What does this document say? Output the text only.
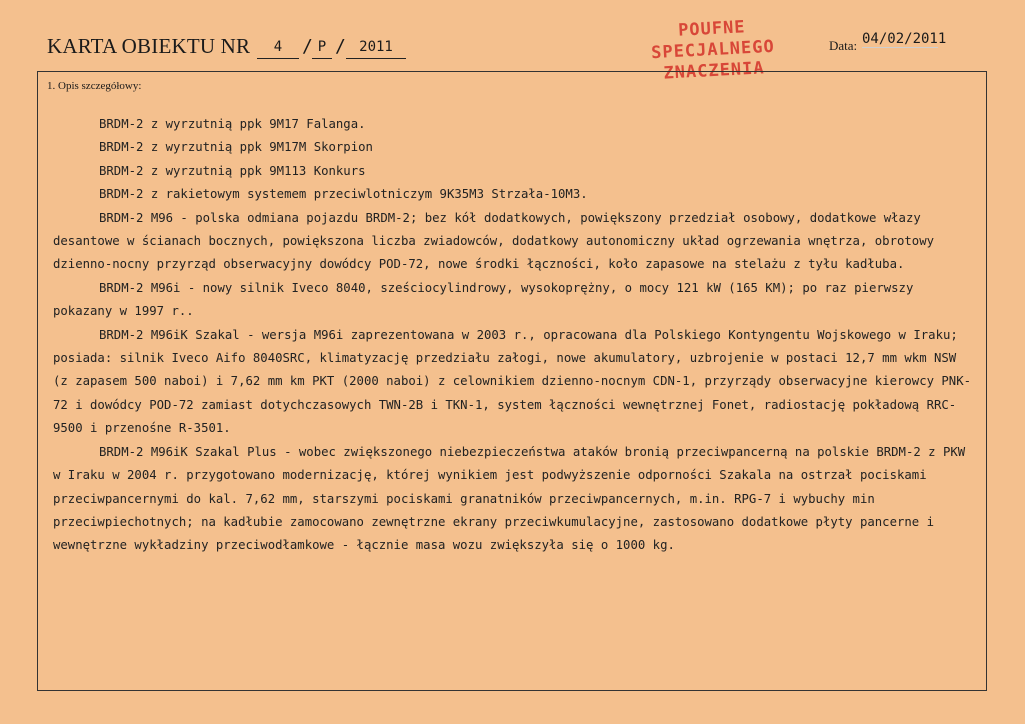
KARTA OBIEKTU NR	4	/ P / 2011
POUFNE
SPECJALNEGO
ZNACZENIA
Data: 04/02/2011
1. Opis szczegółowy:

BRDM-2 z wyrzutnią ppk 9M17 Falanga.

BRDM-2 z wyrzutnią ppk 9M17M Skorpion

BRDM-2 z wyrzutnią ppk 9M113 Konkurs

BRDM-2 z rakietowym systemem przeciwlotniczym 9K35M3 Strzała-10M3.

BRDM-2 M96 - polska odmiana pojazdu BRDM-2; bez kół dodatkowych, powiększony przedział osobowy, dodatkowe włazy desantowe w ścianach bocznych, powiększona liczba zwiadowców, dodatkowy autonomiczny układ ogrzewania wnętrza, obrotowy dzienno-nocny przyrząd obserwacyjny dowódcy POD-72, nowe środki łączności, koło zapasowe na stelażu z tyłu kadłuba.

BRDM-2 M96i - nowy silnik Iveco 8040, sześciocylindrowy, wysokoprężny, o mocy 121 kW (165 KM); po raz pierwszy pokazany w 1997 r..

BRDM-2 M96iK Szakal - wersja M96i zaprezentowana w 2003 r., opracowana dla Polskiego Kontyngentu Wojskowego w Iraku; posiada: silnik Iveco Aifo 8040SRC, klimatyzację przedziału załogi, nowe akumulatory, uzbrojenie w postaci 12,7 mm wkm NSW (z zapasem 500 naboi) i 7,62 mm km PKT (2000 naboi) z celownikiem dzienno-nocnym CDN-1, przyrządy obserwacyjne kierowcy PNK-72 i dowódcy POD-72 zamiast dotychczasowych TWN-2B i TKN-1, system łączności wewnętrznej Fonet, radiostację pokładową RRC-9500 i przenośne R-3501.

BRDM-2 M96iK Szakal Plus - wobec zwiększonego niebezpieczeństwa ataków bronią przeciwpancerną na polskie BRDM-2 z PKW w Iraku w 2004 r. przygotowano modernizację, której wynikiem jest podwyższenie odporności Szakala na ostrzał pociskami przeciwpancernymi do kal. 7,62 mm, starszymi pociskami granatników przeciwpancernych, m.in. RPG-7 i wybuchy min przeciwpiechotnych; na kadłubie zamocowano zewnętrzne ekrany przeciwkumulacyjne, zastosowano dodatkowe płyty pancerne i wewnętrzne wykładziny przeciwodłamkowe - łącznie masa wozu zwiększyła się o 1000 kg.
